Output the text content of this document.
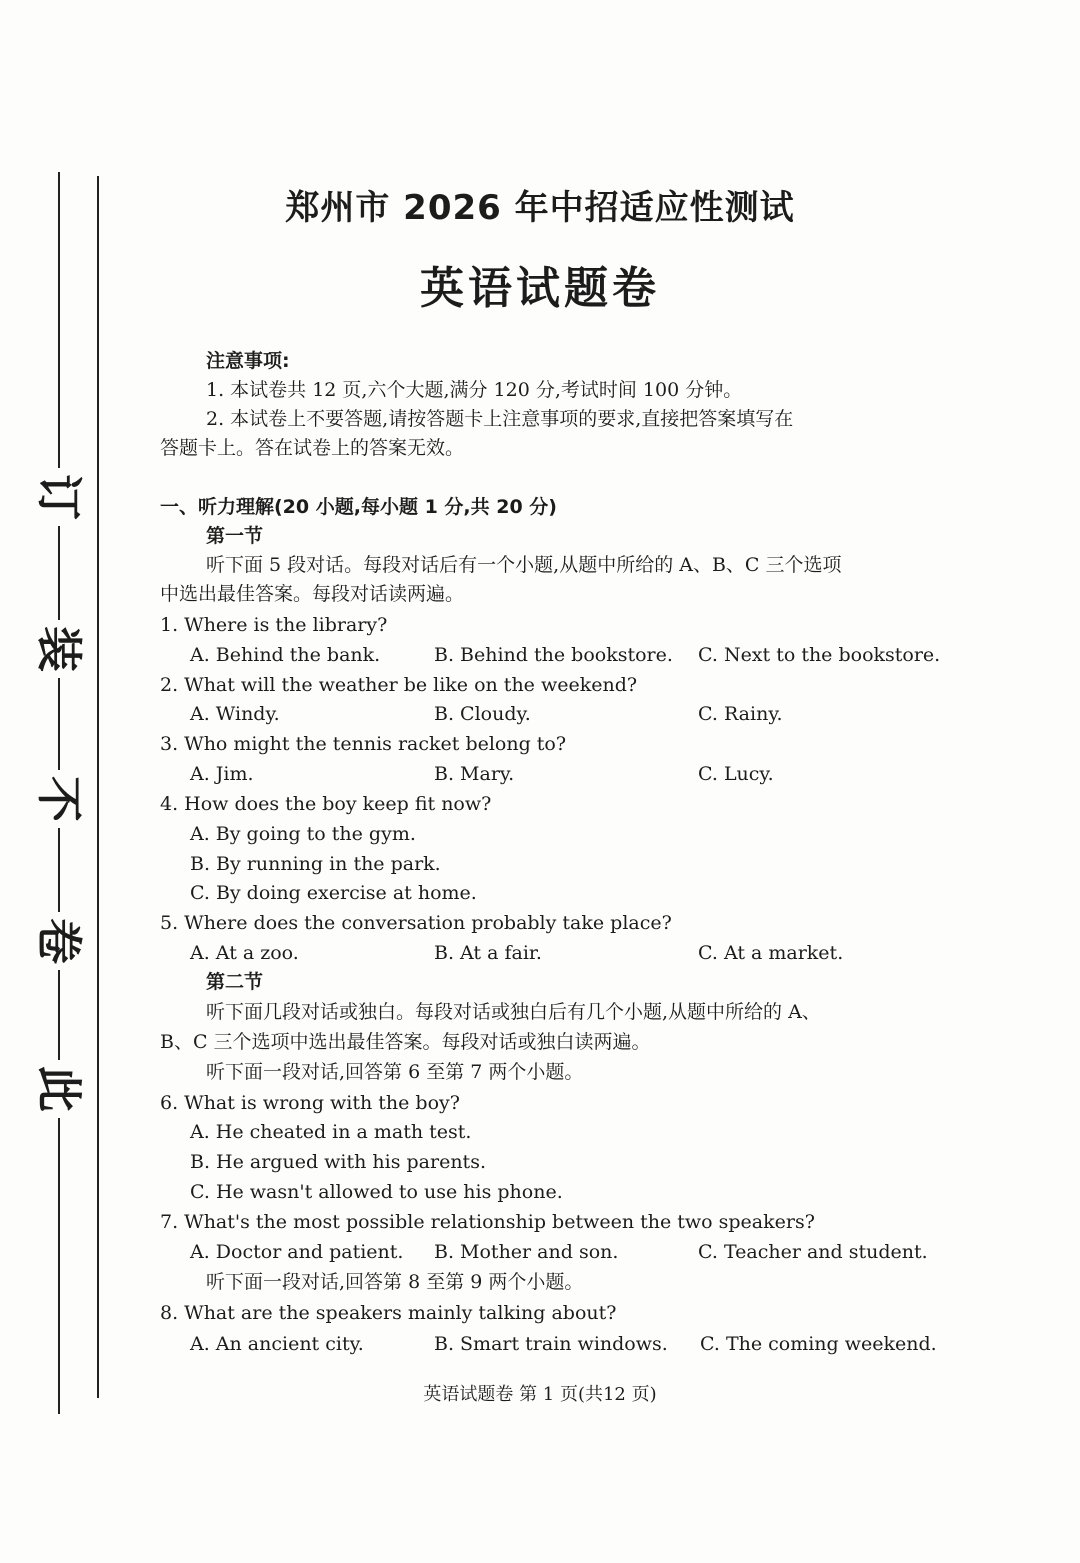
订
装
不
卷
此
郑州市 2026 年中招适应性测试
英语试题卷
注意事项:
1. 本试卷共 12 页,六个大题,满分 120 分,考试时间 100 分钟。
2. 本试卷上不要答题,请按答题卡上注意事项的要求,直接把答案填写在
答题卡上。答在试卷上的答案无效。
一、听力理解(20 小题,每小题 1 分,共 20 分)
第一节
听下面 5 段对话。每段对话后有一个小题,从题中所给的 A、B、C 三个选项
中选出最佳答案。每段对话读两遍。
1. Where is the library?
A. Behind the bank.	B. Behind the bookstore. C. Next to the bookstore.
2. What will the weather be like on the weekend?
A. Windy.	B. Cloudy.	C. Rainy.
3. Who might the tennis racket belong to?
A. Jim.	B. Mary.	C. Lucy.
4. How does the boy keep fit now?
A. By going to the gym.
B. By running in the park.
C. By doing exercise at home.
5. Where does the conversation probably take place?
A. At a zoo.	B. At a fair.	C. At a market.
第二节
听下面几段对话或独白。每段对话或独白后有几个小题,从题中所给的 A、
B、C 三个选项中选出最佳答案。每段对话或独白读两遍。
听下面一段对话,回答第 6 至第 7 两个小题。
6. What is wrong with the boy?
A. He cheated in a math test.
B. He argued with his parents.
C. He wasn't allowed to use his phone.
7. What's the most possible relationship between the two speakers?
A. Doctor and patient. B. Mother and son.	C. Teacher and student.
听下面一段对话,回答第 8 至第 9 两个小题。
8. What are the speakers mainly talking about?
A. An ancient city.	B. Smart train windows. C. The coming weekend.
英语试题卷 第 1 页(共12 页)
